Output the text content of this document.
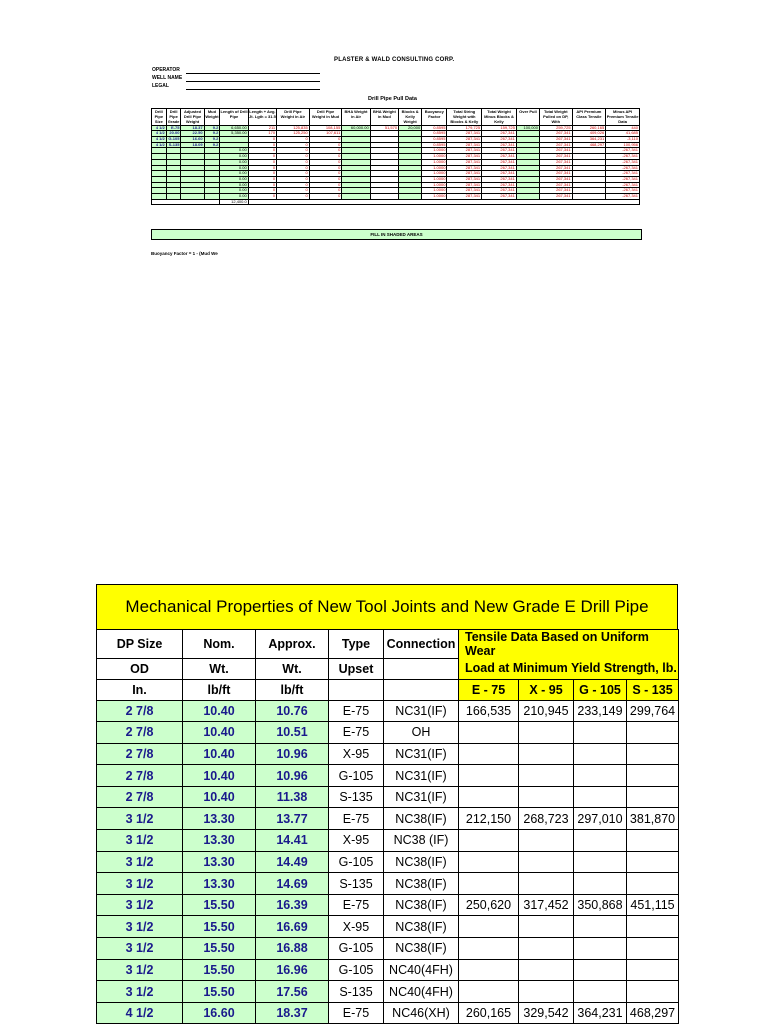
PLASTER & WALD CONSULTING CORP.
OPERATOR
WELL NAME
LEGAL
Drill Pipe Pull Data
Drill Pipe Size	Drill Pipe Grade	Adjusted Drill Pipe Weight	Mud Weight	Length of Drill Pipe	Length + Avg. Jt. Lgth = 31.5	Drill Pipe Weight in Air	Drill Pipe Weight in Mud	BHA Weight in Air	BHA Weight in Mud	Blocks & Kelly Weight	Buoyancy Factor	Total String Weight with Blocks & Kelly	Total Weight Minus Blocks & Kelly	Over Pull	Total Weight Pulled on DP, With	API Premium Class Tensile	Minus API Premium Tensile Data
4 1/2	E-75	18.37	9.2	6,650.00	211	125,835	108,155	60,000.00	51,570	20,000	0.8595	179,725	159,725	100,000	259,725	260,165	440
4 1/2	20.00	22.50	9.2	5,350.00	170	125,250	107,611				0.8595	287,341	267,341		267,341	409,026	41,685
4 1/2	G-105	16.60	9.2		0	0	0				0.8595	287,341	267,341		267,341	364,231	-3,110
4 1/2	S-135	18.09	9.2		0	0	0				0.8595	287,341	267,341		267,341	468,297	100,956
				0.00	0	0	0				1.0000	287,341	267,341		267,341		-267,341
				0.00	0	0	0				1.0000	287,341	267,341		267,341		-267,341
				0.00	0	0	0				1.0000	287,341	267,341		267,341		-267,341
				0.00	0	0	0				1.0000	287,341	267,341		267,341		-267,341
				0.00	0	0	0				1.0000	287,341	267,341		267,341		-267,341
				0.00	0	0	0				1.0000	287,341	267,341		267,341		-267,341
				0.00	0	0	0				1.0000	287,341	267,341		267,341		-267,341
				0.00	0	0	0				1.0000	287,341	267,341		267,341		-267,341
				0.00	0	0	0				1.0000	287,341	267,341		267,341		-267,341
				12,400.0													
FILL IN SHADED AREAS
Buoyancy Factor = 1 - (Mud We
Mechanical Properties of New Tool Joints and New Grade E Drill Pipe
DP Size	Nom.	Approx.	Type	Connection	Tensile Data Based on Uniform Wear			
OD	Wt.	Wt.	Upset		Load at Minimum Yield Strength, lb.			
In.	lb/ft	lb/ft			E - 75	X - 95	G - 105	S - 135
2 7/8	10.40	10.76	E-75	NC31(IF)	166,535	210,945	233,149	299,764
2 7/8	10.40	10.51	E-75	OH				
2 7/8	10.40	10.96	X-95	NC31(IF)				
2 7/8	10.40	10.96	G-105	NC31(IF)				
2 7/8	10.40	11.38	S-135	NC31(IF)				
3 1/2	13.30	13.77	E-75	NC38(IF)	212,150	268,723	297,010	381,870
3 1/2	13.30	14.41	X-95	NC38 (IF)				
3 1/2	13.30	14.49	G-105	NC38(IF)				
3 1/2	13.30	14.69	S-135	NC38(IF)				
3 1/2	15.50	16.39	E-75	NC38(IF)	250,620	317,452	350,868	451,115
3 1/2	15.50	16.69	X-95	NC38(IF)				
3 1/2	15.50	16.88	G-105	NC38(IF)				
3 1/2	15.50	16.96	G-105	NC40(4FH)				
3 1/2	15.50	17.56	S-135	NC40(4FH)				
4 1/2	16.60	18.37	E-75	NC46(XH)	260,165	329,542	364,231	468,297
